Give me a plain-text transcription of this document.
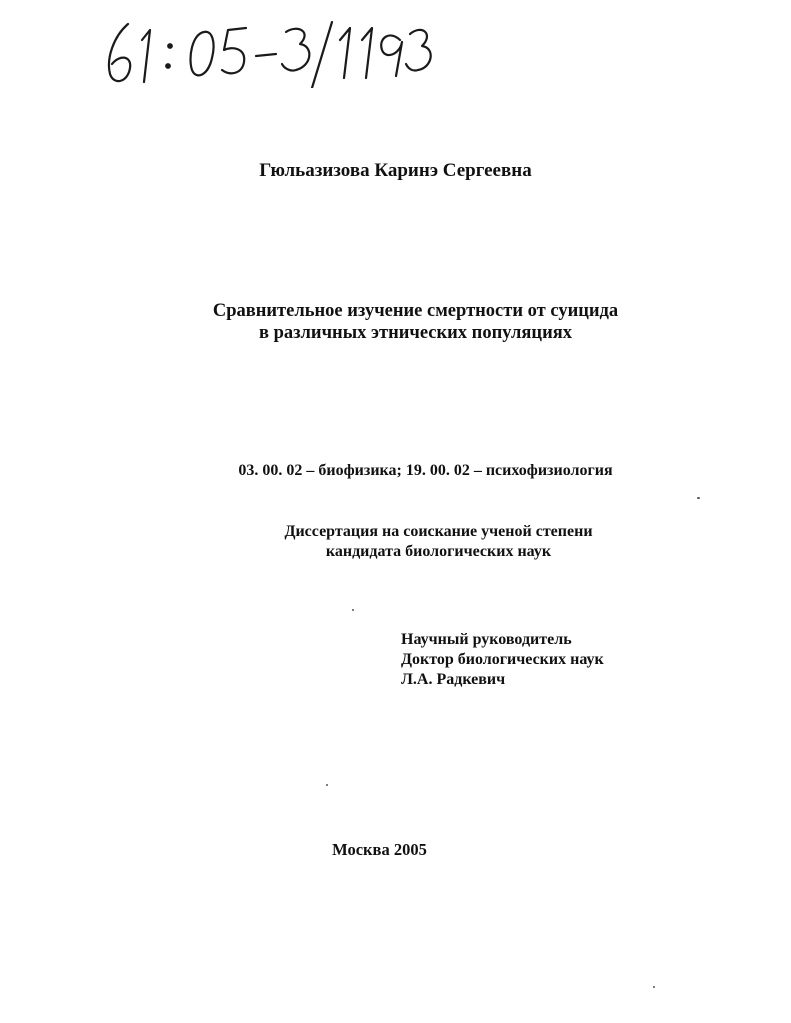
Гюльазизова Каринэ Сергеевна
Сравнительное изучение смертности от суицида
в различных этнических популяциях
03. 00. 02 – биофизика; 19. 00. 02 – психофизиология
Диссертация на соискание ученой степени
кандидата биологических наук
Научный руководитель
Доктор биологических наук
Л.А. Радкевич
Москва 2005
